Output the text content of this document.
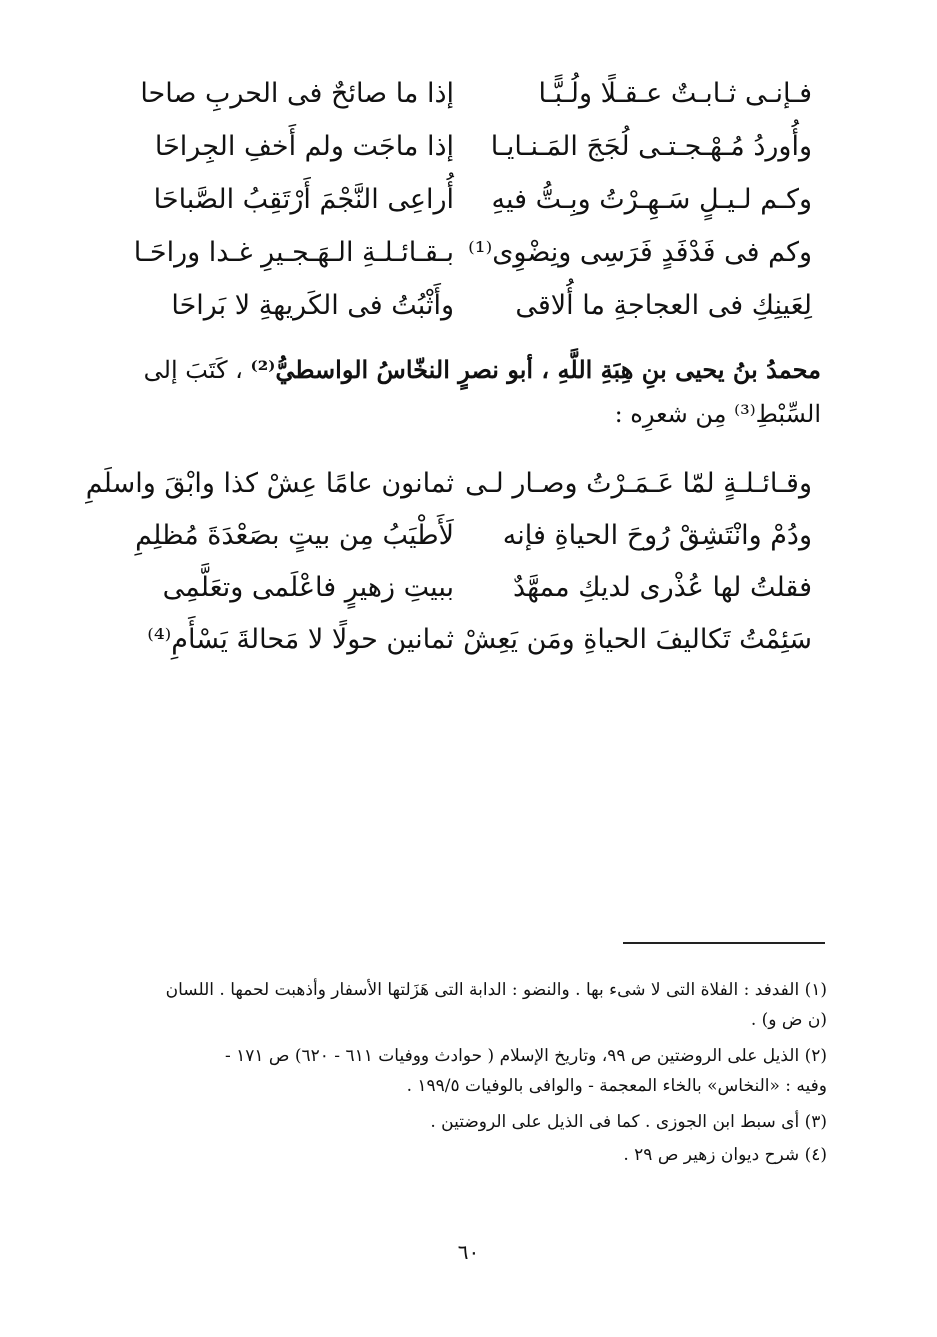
فـإنـى ثـابـتٌ عـقـلًا ولُـبًّـا
إذا ما صائحٌ فى الحربِ صاحا
وأُوردُ مُـهْـجـتـى لُجَجَ المَـنـايـا
إذا ماجَت ولم أَخفِ الجِراحَا
وكـم لـيـلٍ سَـهِـرْتُ وبِـتُّ فيهِ
أُراعِى النَّجْمَ أَرْتَقِبُ الصَّباحَا
وكم فى فَدْفَدٍ فَرَسِى ونِضْوِى⁽¹⁾
بـقـائـلـةِ الـهَـجـيرِ غـدا وراحَـا
لِعَينِكِ فى العجاجةِ ما أُلاقى
وأَثْبُتُ فى الكَريهةِ لا بَراحَا
محمدُ بنُ يحيى بنِ هِبَةِ اللَّهِ ، أبو نصرٍ النخّاسُ الواسطيُّ⁽²⁾ ، كَتَبَ إلى
السِّبْطِ⁽³⁾ مِن شعرِه :
وقـائـلـةٍ لمّا عَـمَـرْتُ وصـار لـى
ثمانون عامًا عِشْ كذا وابْقَ واسلَمِ
ودُمْ وانْتَشِقْ رُوحَ الحياةِ فإنه
لَأَطْيَبُ مِن بيتٍ بصَعْدَةَ مُظلِمِ
فقلتُ لها عُذْرى لديكِ ممهَّدٌ
ببيتِ زهيرٍ فاعْلَمى وتعَلَّمِى
سَئِمْتُ تَكاليفَ الحياةِ ومَن يَعِشْ
ثمانين حولًا لا مَحالةَ يَسْأَمِ⁽⁴⁾
(١) الفدفد : الفلاة التى لا شىء بها . والنضو : الدابة التى هَزَلتها الأسفار وأذهبت لحمها . اللسان
(ن ض و) .
(٢) الذيل على الروضتين ص ٩٩، وتاريخ الإسلام ( حوادث ووفيات ٦١١ - ٦٢٠) ص ١٧١ -
وفيه : «النخاس» بالخاء المعجمة - والوافى بالوفيات ١٩٩/٥ .
(٣) أى سبط ابن الجوزى . كما فى الذيل على الروضتين .
(٤) شرح ديوان زهير ص ٢٩ .
٦٠
